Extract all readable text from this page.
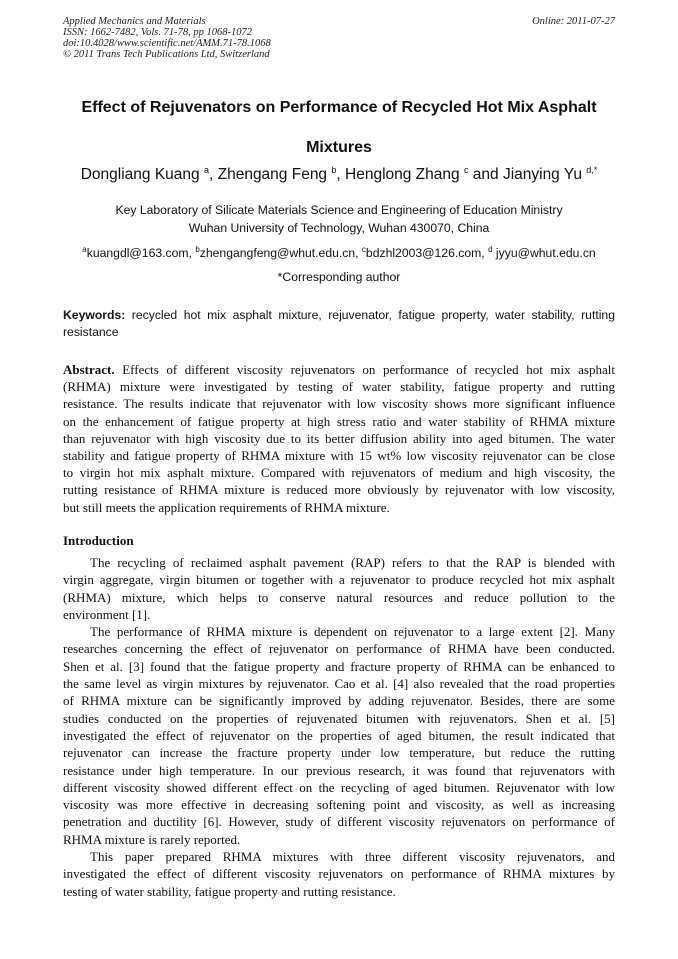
Applied Mechanics and Materials
ISSN: 1662-7482, Vols. 71-78, pp 1068-1072
doi:10.4028/www.scientific.net/AMM.71-78.1068
© 2011 Trans Tech Publications Ltd, Switzerland
Online: 2011-07-27
Effect of Rejuvenators on Performance of Recycled Hot Mix Asphalt
Mixtures
Dongliang Kuang $^a$, Zhengang Feng $^b$, Henglong Zhang $^c$ and Jianying Yu $^{d,*}$
Key Laboratory of Silicate Materials Science and Engineering of Education Ministry
Wuhan University of Technology, Wuhan 430070, China
$^a$kuangdl@163.com, $^b$zhengangfeng@whut.edu.cn, $^c$bdzhl2003@126.com, $^d$ jyyu@whut.edu.cn
*Corresponding author
Keywords: recycled hot mix asphalt mixture, rejuvenator, fatigue property, water stability, rutting resistance
Abstract. Effects of different viscosity rejuvenators on performance of recycled hot mix asphalt
(RHMA) mixture were investigated by testing of water stability, fatigue property and rutting
resistance. The results indicate that rejuvenator with low viscosity shows more significant influence
on the enhancement of fatigue property at high stress ratio and water stability of RHMA mixture
than rejuvenator with high viscosity due to its better diffusion ability into aged bitumen. The water
stability and fatigue property of RHMA mixture with 15 wt% low viscosity rejuvenator can be close
to virgin hot mix asphalt mixture. Compared with rejuvenators of medium and high viscosity, the
rutting resistance of RHMA mixture is reduced more obviously by rejuvenator with low viscosity,
but still meets the application requirements of RHMA mixture.
Introduction
The recycling of reclaimed asphalt pavement (RAP) refers to that the RAP is blended with
virgin aggregate, virgin bitumen or together with a rejuvenator to produce recycled hot mix asphalt
(RHMA) mixture, which helps to conserve natural resources and reduce pollution to the
environment [1].
The performance of RHMA mixture is dependent on rejuvenator to a large extent [2]. Many
researches concerning the effect of rejuvenator on performance of RHMA have been conducted.
Shen et al. [3] found that the fatigue property and fracture property of RHMA can be enhanced to
the same level as virgin mixtures by rejuvenator. Cao et al. [4] also revealed that the road properties
of RHMA mixture can be significantly improved by adding rejuvenator. Besides, there are some
studies conducted on the properties of rejuvenated bitumen with rejuvenators. Shen et al. [5]
investigated the effect of rejuvenator on the properties of aged bitumen, the result indicated that
rejuvenator can increase the fracture property under low temperature, but reduce the rutting
resistance under high temperature. In our previous research, it was found that rejuvenators with
different viscosity showed different effect on the recycling of aged bitumen. Rejuvenator with low
viscosity was more effective in decreasing softening point and viscosity, as well as increasing
penetration and ductility [6]. However, study of different viscosity rejuvenators on performance of
RHMA mixture is rarely reported.
This paper prepared RHMA mixtures with three different viscosity rejuvenators, and
investigated the effect of different viscosity rejuvenators on performance of RHMA mixtures by
testing of water stability, fatigue property and rutting resistance.
